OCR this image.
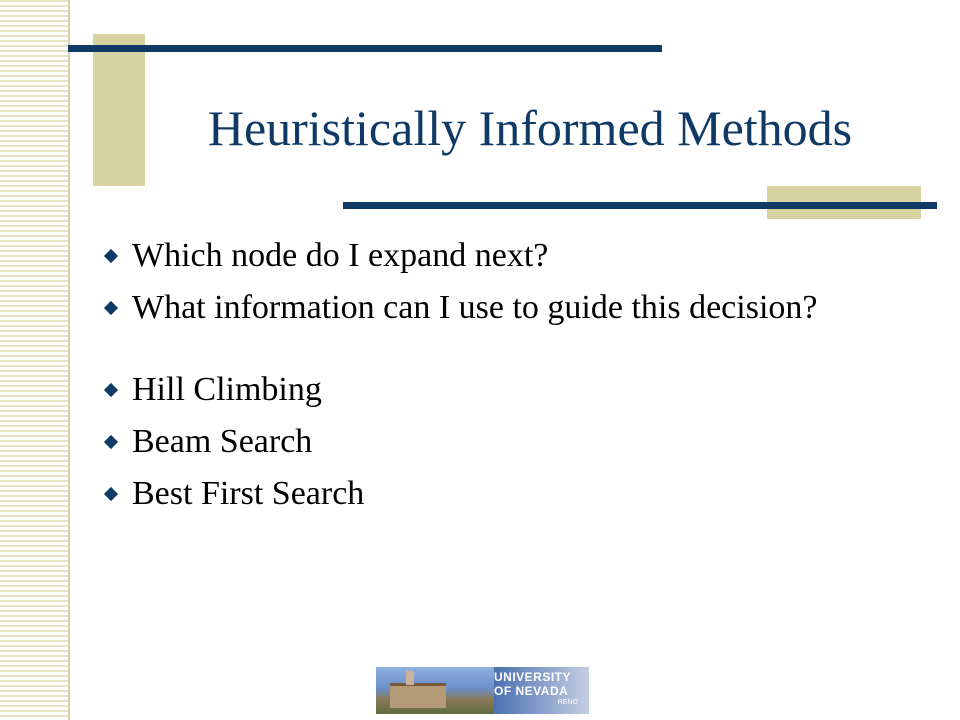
Heuristically Informed Methods
Which node do I expand next?
What information can I use to guide this decision?
Hill Climbing
Beam Search
Best First Search
UNIVERSITY
OF NEVADA
RENO
